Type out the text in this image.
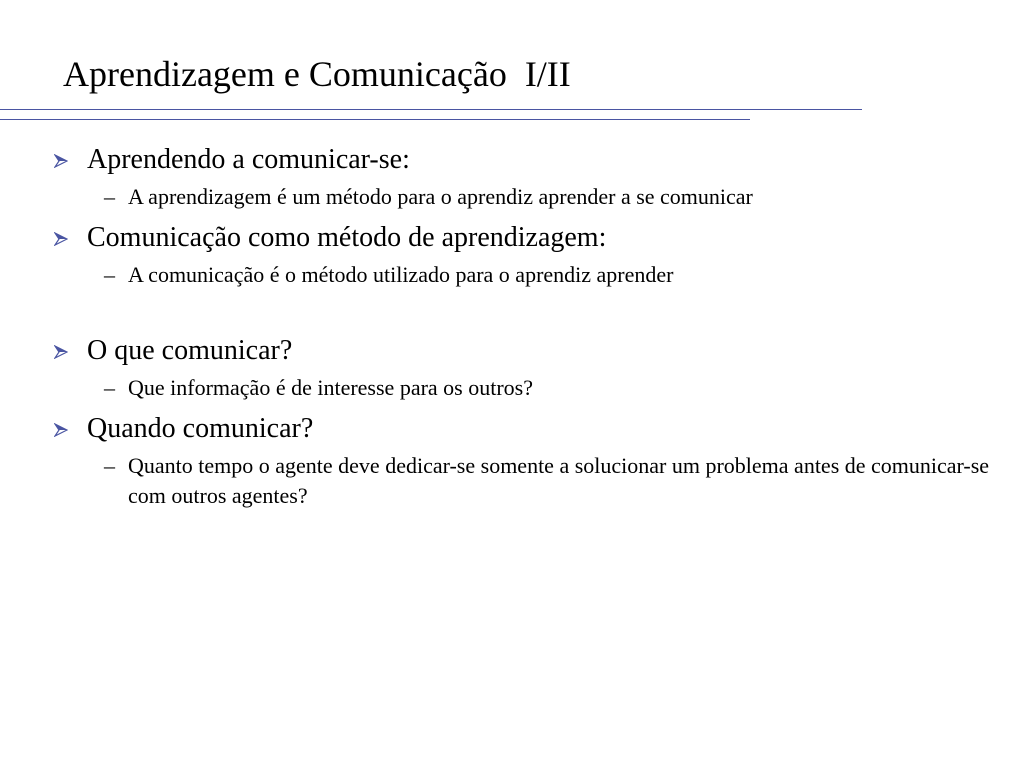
Aprendizagem e Comunicação  I/II
Aprendendo a comunicar-se:
– A aprendizagem é um método para o aprendiz aprender a se comunicar
Comunicação como método de aprendizagem:
– A comunicação é o método utilizado para o aprendiz aprender
O que comunicar?
– Que informação é de interesse para os outros?
Quando comunicar?
– Quanto tempo o agente deve dedicar-se somente a solucionar um problema antes de comunicar-se com outros agentes?
